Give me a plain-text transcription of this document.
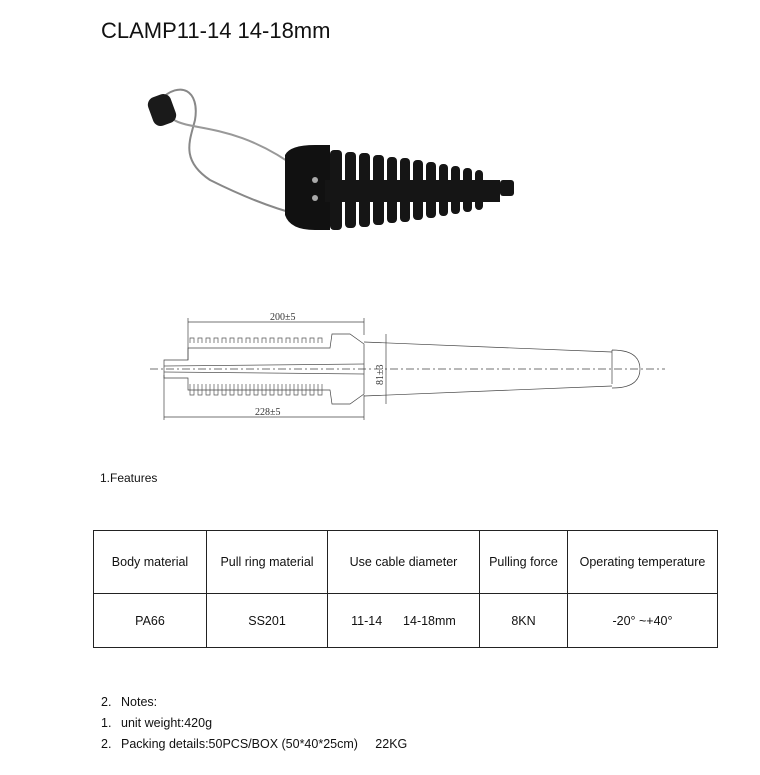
CLAMP11-14 14-18mm
200±5
228±5
81±3
1.Features
Body material	Pull ring material	Use cable diameter	Pulling force	Operating temperature
PA66	SS201	11-14      14-18mm	8KN	-20° ~+40°
2. Notes:
1. unit weight:420g
2. Packing details:50PCS/BOX (50*40*25cm)     22KG
